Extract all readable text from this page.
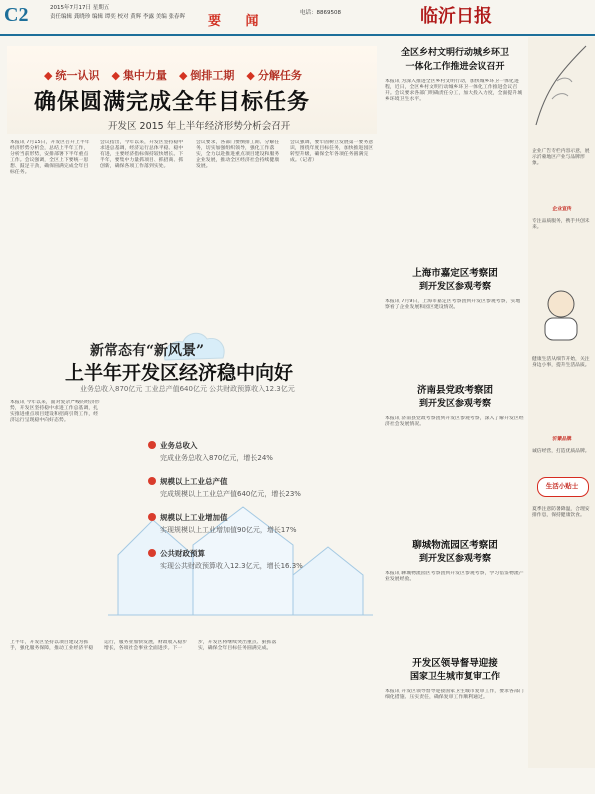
C2	2015年7月17日 星期五
责任编辑 龚晓珍 编辑 谭奕 校对 黄辉 李露 美编 张春晖 要 闻
电话：8869508	临沂日报
◆ 统一认识	◆ 集中力量	◆ 倒排工期	◆ 分解任务
确保圆满完成全年目标任务
开发区 2015 年上半年经济形势分析会召开
本报讯 7月15日，开发区召开上半年经济形势分析会，总结上半年工作，分析当前形势，安排部署下半年重点工作。会议强调，全区上下要统一思想、鼓足干劲，确保圆满完成全年目标任务。
会议指出，今年以来，开发区坚持稳中求进总基调，经济运行总体平稳、稳中有进，主要经济指标保持较快增长。下半年，要集中力量抓项目、抓招商、抓创新，确保各项工作落到实处。
会议要求，各部门要倒排工期、分解任务，切实加强组织领导，强化工作落实，全力以赴推进重点项目建设和服务企业发展，推动全区经济社会持续健康发展。
会议强调，要牢固树立发展第一要务意识，围绕年度目标任务，加快推进园区转型升级，确保全年各项任务圆满完成。（记者）
新常态有“新风景”
上半年开发区经济稳中向好
业务总收入870亿元 工业总产值640亿元 公共财政预算收入12.3亿元
本报讯 今年以来，面对复杂严峻的经济形势，开发区坚持稳中求进工作总基调，扎实推进重点项目建设和招商引资工作，经济运行呈现稳中向好态势。
业务总收入
完成业务总收入870亿元，增长24%
规模以上工业总产值
完成规模以上工业总产值640亿元，增长23%
规模以上工业增加值
实现规模以上工业增加值90亿元，增长17%
公共财政预算
实现公共财政预算收入12.3亿元，增长16.3%
上半年，开发区坚持以项目建设为抓手，强化服务保障，推动工业经济平稳运行，服务业加快发展，财政收入稳步增长，各项社会事业全面进步。下一步，开发区将继续突出重点、狠抓落实，确保全年目标任务圆满完成。
全区乡村文明行动城乡环卫
一体化工作推进会议召开
本报讯 为深入推进全区乡村文明行动，加快城乡环卫一体化进程，近日，全区乡村文明行动城乡环卫一体化工作推进会议召开。会议要求各部门明确责任分工，加大投入力度，全面提升城乡环境卫生水平。
上海市嘉定区考察团
到开发区参观考察
本报讯 7月9日，上海市嘉定区考察团到开发区参观考察，实地察看了企业发展和园区建设情况。
济南县党政考察团
到开发区参观考察
本报讯 济南县党政考察团到开发区参观考察，深入了解开发区经济社会发展情况。
聊城物流园区考察团
到开发区参观考察
本报讯 聊城物流园区考察团到开发区参观考察，学习借鉴物流产业发展经验。
开发区领导督导迎接
国家卫生城市复审工作
本报讯 开发区领导督导迎接国家卫生城市复审工作，要求各部门细化措施、压实责任，确保复审工作顺利通过。
企业广告专栏内容示意，展示沂蒙地区产业与品牌形象。
企业宣传
专注品质服务，携手共创未来。
健康生活从细节开始，关注身边小事，提升生活品质。
沂蒙品牌
诚信经营，打造优质品牌。
生活小贴士
夏季注意防暑降温，合理安排作息，保持健康饮食。
